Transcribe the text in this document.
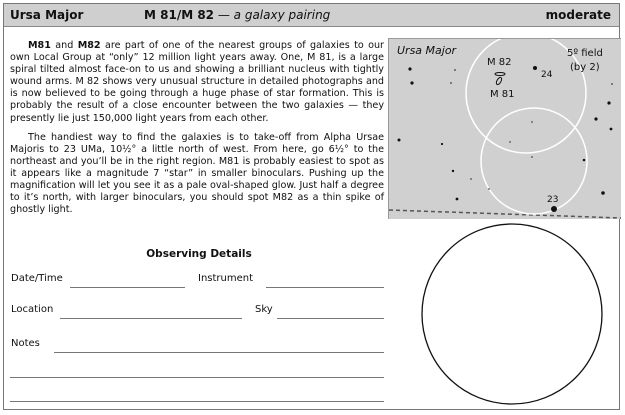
Ursa Major	M 81/M 82 — a galaxy pairing	moderate

M81 and M82 are part of one of the nearest groups of galaxies to our own Local Group at “only” 12 million light years away. One, M 81, is a large spiral tilted almost face-on to us and showing a brilliant nucleus with tightly wound arms. M 82 shows very unusual structure in detailed photographs and is now believed to be going through a huge phase of star formation. This is probably the result of a close encounter between the two galaxies — they presently lie just 150,000 light years from each other.

The handiest way to find the galaxies is to take-off from Alpha Ursae Majoris to 23 UMa, 10½° a little north of west. From here, go 6½° to the northeast and you’ll be in the right region. M81 is probably easiest to spot as it appears like a magnitude 7 “star” in smaller binoculars. Pushing up the magnification will let you see it as a pale oval-shaped glow. Just half a degree to it’s north, with larger binoculars, you should spot M82 as a thin spike of ghostly light.

Observing Details
Date/Time	Instrument
Location	Sky
Notes
Ursa Major	5º field
(by 2)
M 82
M 81
24
23
